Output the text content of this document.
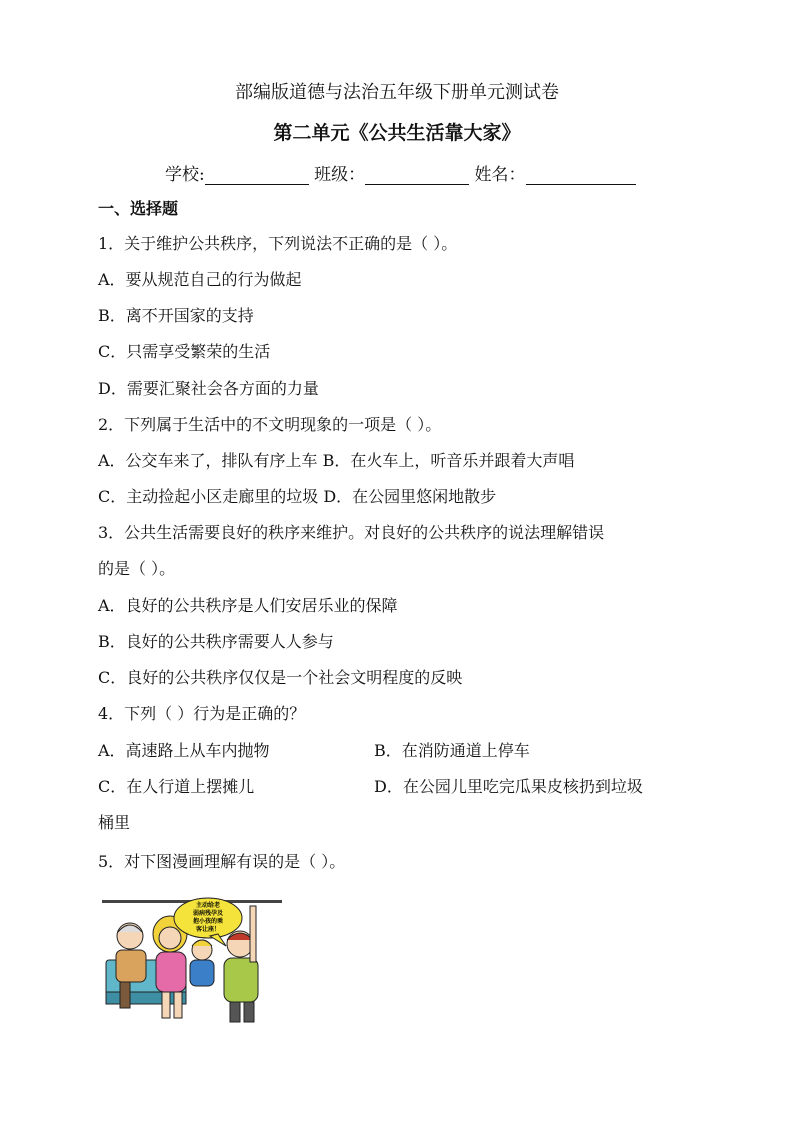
部编版道德与法治五年级下册单元测试卷
第二单元《公共生活靠大家》
学校:	班级：	姓名：
一、选择题
1．关于维护公共秩序，下列说法不正确的是（ ）。
A．要从规范自己的行为做起
B．离不开国家的支持
C．只需享受繁荣的生活
D．需要汇聚社会各方面的力量
2．下列属于生活中的不文明现象的一项是（ ）。
A．公交车来了，排队有序上车 B．在火车上，听音乐并跟着大声唱
C．主动捡起小区走廊里的垃圾 D．在公园里悠闲地散步
3．公共生活需要良好的秩序来维护。对良好的公共秩序的说法理解错误
的是（ ）。
A．良好的公共秩序是人们安居乐业的保障
B．良好的公共秩序需要人人参与
C．良好的公共秩序仅仅是一个社会文明程度的反映
4．下列（ ）行为是正确的？
A．高速路上从车内抛物	B．在消防通道上停车
C．在人行道上摆摊儿	D．在公园儿里吃完瓜果皮核扔到垃圾
桶里
5．对下图漫画理解有误的是（ ）。
主动给老
弱病残孕及
抱小孩的乘
客让座！
